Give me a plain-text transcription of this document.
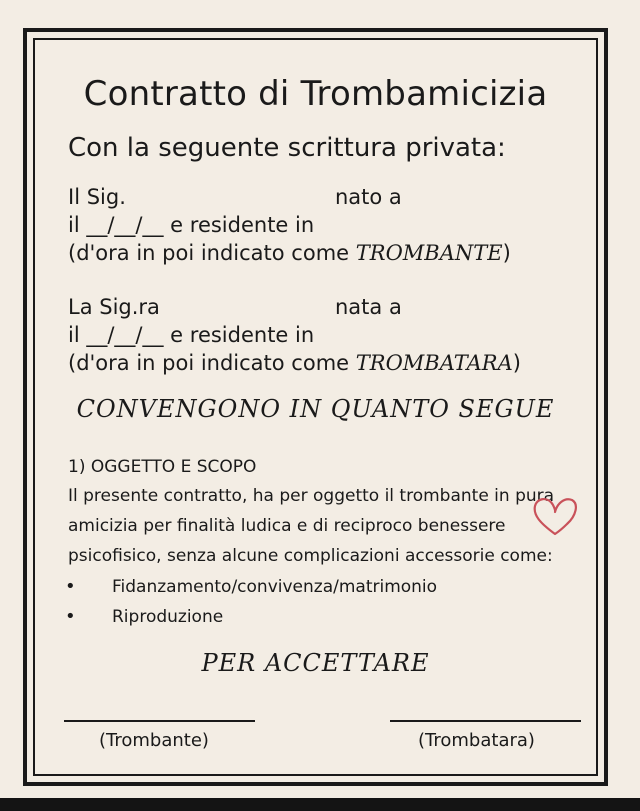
Contratto di Trombamicizia
Con la seguente scrittura privata:
Il Sig.	nato a
il __/__/__ e residente in
(d'ora in poi indicato come TROMBANTE)
La Sig.ra	nata a
il __/__/__ e residente in
(d'ora in poi indicato come TROMBATARA)
CONVENGONO IN QUANTO SEGUE
1) OGGETTO E SCOPO
Il presente contratto, ha per oggetto il trombante in pura
amicizia per finalità ludica e di reciproco benessere
psicofisico, senza alcune complicazioni accessorie come:
• Fidanzamento/convivenza/matrimonio
• Riproduzione
PER ACCETTARE
(Trombante)	(Trombatara)
